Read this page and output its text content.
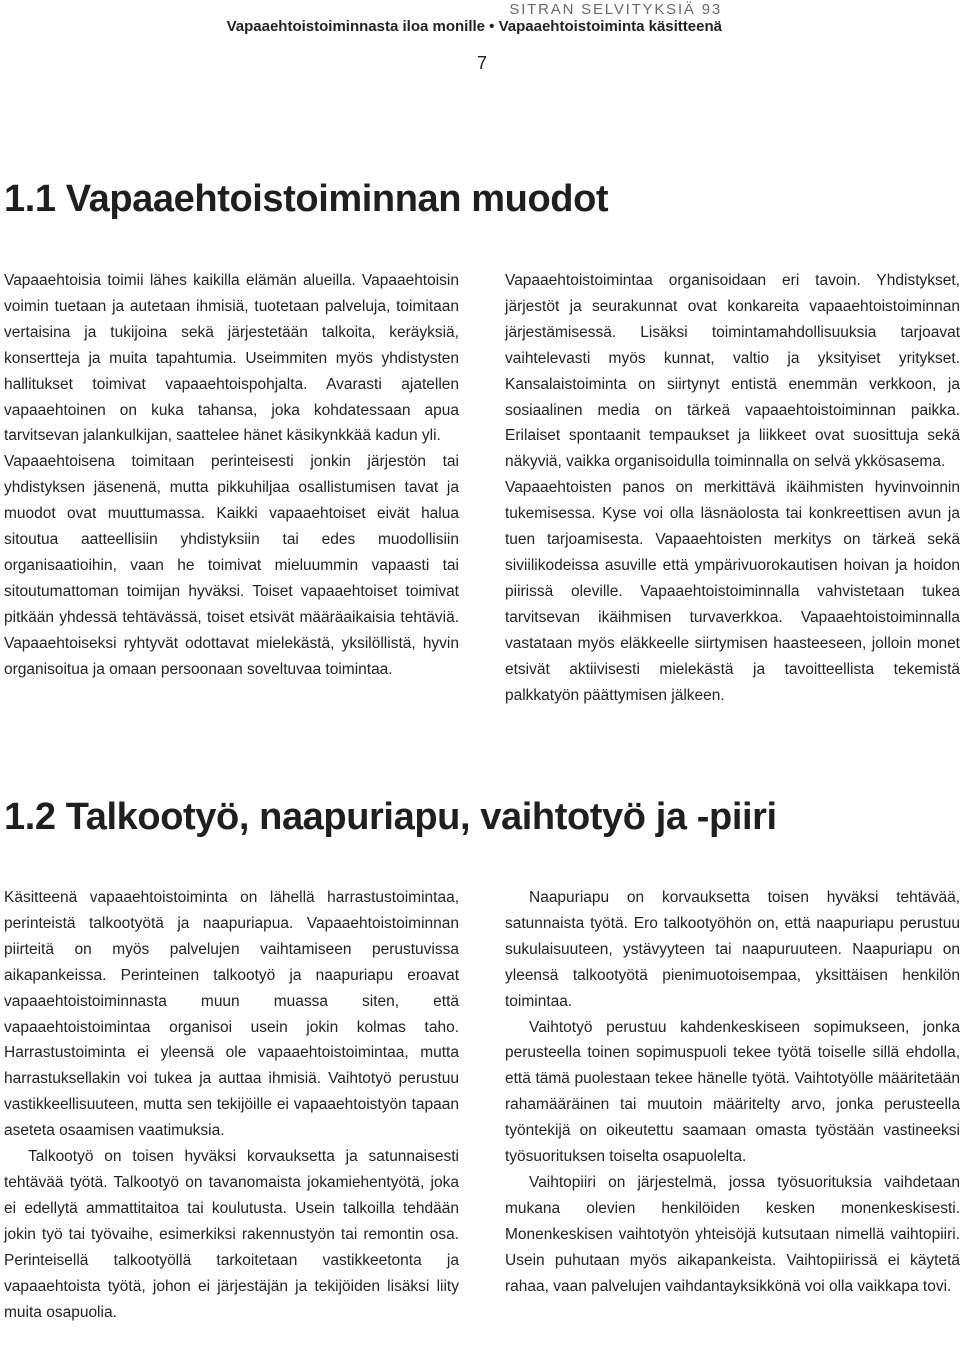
SITRAN SELVITYKSIÄ 93
Vapaaehtoistoiminnasta iloa monille • Vapaaehtoistoiminta käsitteenä
7
1.1 Vapaaehtoistoiminnan muodot

Vapaaehtoisia toimii lähes kaikilla elämän alueilla. Vapaaehtoisin voimin tuetaan ja autetaan ihmisiä, tuotetaan palveluja, toimitaan vertaisina ja tukijoina sekä järjestetään talkoita, keräyksiä, konsertteja ja muita tapahtumia. Useimmiten myös yhdistysten hallitukset toimivat vapaaehtoispohjalta. Avarasti ajatellen vapaaehtoinen on kuka tahansa, joka kohdatessaan apua tarvitsevan jalankulkijan, saattelee hänet käsikynkkää kadun yli.

Vapaaehtoisena toimitaan perinteisesti jonkin järjestön tai yhdistyksen jäsenenä, mutta pikkuhiljaa osallistumisen tavat ja muodot ovat muuttumassa. Kaikki vapaaehtoiset eivät halua sitoutua aatteellisiin yhdistyksiin tai edes muodollisiin organisaatioihin, vaan he toimivat mieluummin vapaasti tai sitoutumattoman toimijan hyväksi. Toiset vapaaehtoiset toimivat pitkään yhdessä tehtävässä, toiset etsivät määräaikaisia tehtäviä. Vapaaehtoiseksi ryhtyvät odottavat mielekästä, yksilöllistä, hyvin organisoitua ja omaan persoonaan soveltuvaa toimintaa.

Vapaaehtoistoimintaa organisoidaan eri tavoin. Yhdistykset, järjestöt ja seurakunnat ovat konkareita vapaaehtoistoiminnan järjestämisessä. Lisäksi toimintamahdollisuuksia tarjoavat vaihtelevasti myös kunnat, valtio ja yksityiset yritykset. Kansalaistoiminta on siirtynyt entistä enemmän verkkoon, ja sosiaalinen media on tärkeä vapaaehtoistoiminnan paikka. Erilaiset spontaanit tempaukset ja liikkeet ovat suosittuja sekä näkyviä, vaikka organisoidulla toiminnalla on selvä ykkösasema.

Vapaaehtoisten panos on merkittävä ikäihmisten hyvinvoinnin tukemisessa. Kyse voi olla läsnäolosta tai konkreettisen avun ja tuen tarjoamisesta. Vapaaehtoisten merkitys on tärkeä sekä siviilikodeissa asuville että ympärivuorokautisen hoivan ja hoidon piirissä oleville. Vapaaehtoistoiminnalla vahvistetaan tukea tarvitsevan ikäihmisen turvaverkkoa. Vapaaehtoistoiminnalla vastataan myös eläkkeelle siirtymisen haasteeseen, jolloin monet etsivät aktiivisesti mielekästä ja tavoitteellista tekemistä palkkatyön päättymisen jälkeen.

1.2 Talkootyö, naapuriapu, vaihtotyö ja -piiri

Käsitteenä vapaaehtoistoiminta on lähellä harrastustoimintaa, perinteistä talkootyötä ja naapuriapua. Vapaaehtoistoiminnan piirteitä on myös palvelujen vaihtamiseen perustuvissa aikapankeissa. Perinteinen talkootyö ja naapuriapu eroavat vapaaehtoistoiminnasta muun muassa siten, että vapaaehtoistoimintaa organisoi usein jokin kolmas taho. Harrastustoiminta ei yleensä ole vapaaehtoistoimintaa, mutta harrastuksellakin voi tukea ja auttaa ihmisiä. Vaihtotyö perustuu vastikkeellisuuteen, mutta sen tekijöille ei vapaaehtoistyön tapaan aseteta osaamisen vaatimuksia.

Talkootyö on toisen hyväksi korvauksetta ja satunnaisesti tehtävää työtä. Talkootyö on tavanomaista jokamiehentyötä, joka ei edellytä ammattitaitoa tai koulutusta. Usein talkoilla tehdään jokin työ tai työvaihe, esimerkiksi rakennustyön tai remontin osa. Perinteisellä talkootyöllä tarkoitetaan vastikkeetonta ja vapaaehtoista työtä, johon ei järjestäjän ja tekijöiden lisäksi liity muita osapuolia.

Naapuriapu on korvauksetta toisen hyväksi tehtävää, satunnaista työtä. Ero talkootyöhön on, että naapuriapu perustuu sukulaisuuteen, ystävyyteen tai naapuruuteen. Naapuriapu on yleensä talkootyötä pienimuotoisempaa, yksittäisen henkilön toimintaa.

Vaihtotyö perustuu kahdenkeskiseen sopimukseen, jonka perusteella toinen sopimuspuoli tekee työtä toiselle sillä ehdolla, että tämä puolestaan tekee hänelle työtä. Vaihtotyölle määritetään rahamääräinen tai muutoin määritelty arvo, jonka perusteella työntekijä on oikeutettu saamaan omasta työstään vastineeksi työsuorituksen toiselta osapuolelta.

Vaihtopiiri on järjestelmä, jossa työsuorituksia vaihdetaan mukana olevien henkilöiden kesken monenkeskisesti. Monenkeskisen vaihtotyön yhteisöjä kutsutaan nimellä vaihtopiiri. Usein puhutaan myös aikapankeista. Vaihtopiirissä ei käytetä rahaa, vaan palvelujen vaihdantayksikkönä voi olla vaikkapa tovi.
